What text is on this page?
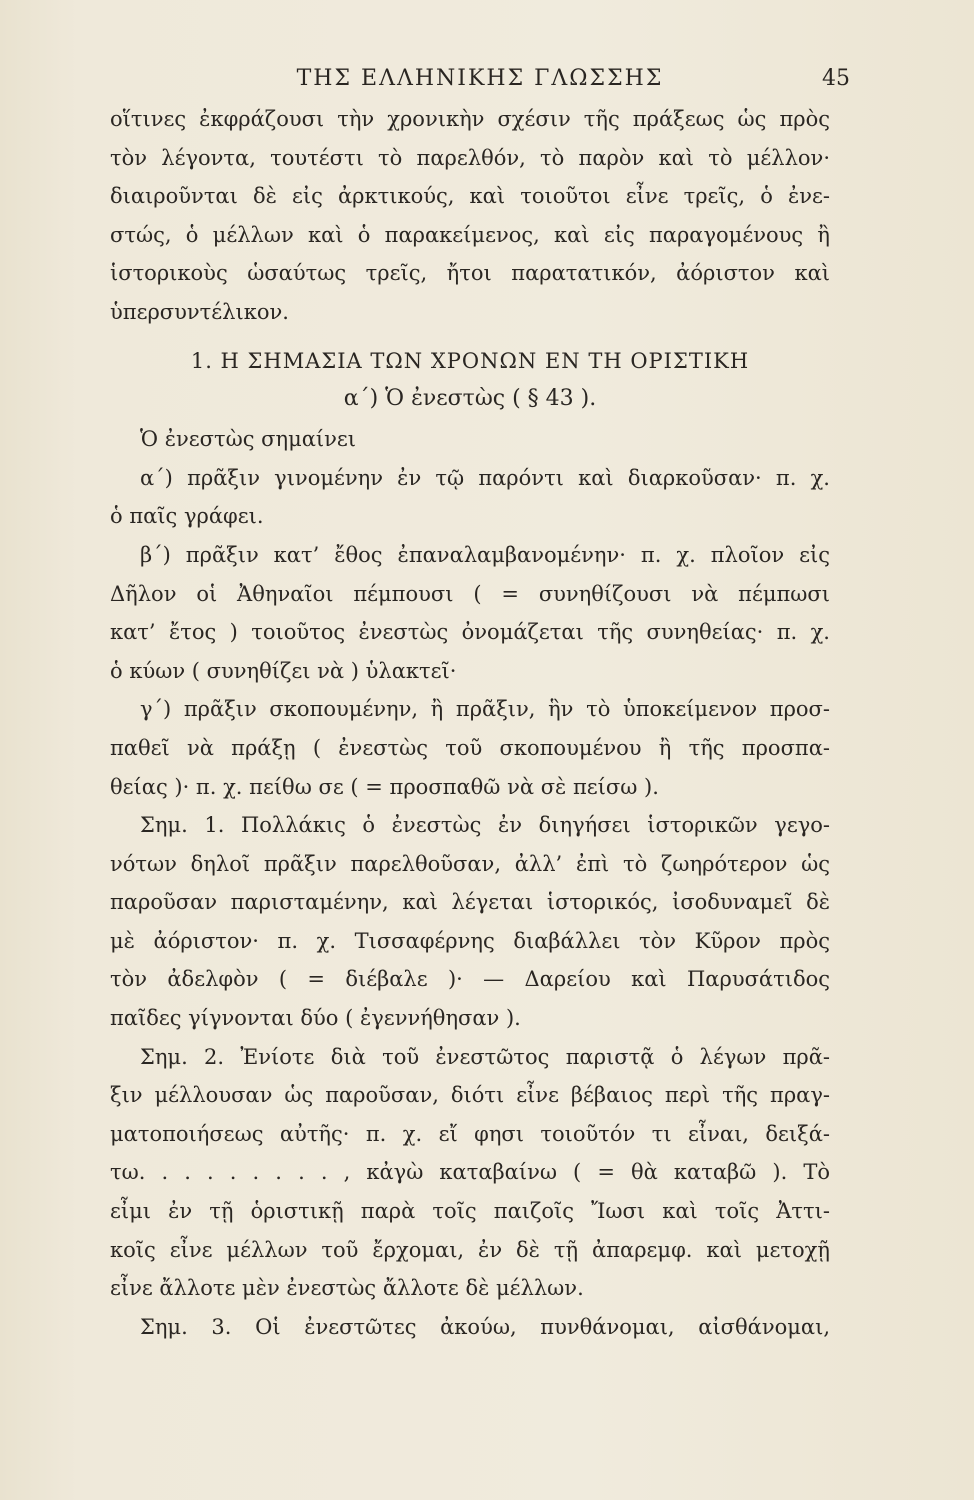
ΤΗΣ ΕΛΛΗΝΙΚΗΣ ΓΛΩΣΣΗΣ	45
οἵτινες ἐκφράζουσι τὴν χρονικὴν σχέσιν τῆς πράξεως ὡς πρὸς
τὸν λέγοντα, τουτέστι τὸ παρελθόν, τὸ παρὸν καὶ τὸ μέλλον·
διαιροῦνται δὲ εἰς ἀρκτικούς, καὶ τοιοῦτοι εἶνε τρεῖς, ὁ ἐνε-
στώς, ὁ μέλλων καὶ ὁ παρακείμενος, καὶ εἰς παραγομένους ἢ
ἱστορικοὺς ὡσαύτως τρεῖς, ἤτοι παρατατικόν, ἀόριστον καὶ
ὑπερσυντέλικον.
1. Η ΣΗΜΑΣΙΑ ΤΩΝ ΧΡΟΝΩΝ ΕΝ ΤΗ ΟΡΙΣΤΙΚΗ
α΄) Ὁ ἐνεστὼς ( § 43 ).
Ὁ ἐνεστὼς σημαίνει
α΄) πρᾶξιν γινομένην ἐν τῷ παρόντι καὶ διαρκοῦσαν· π. χ.
ὁ παῖς γράφει.
β΄) πρᾶξιν κατ’ ἔθος ἐπαναλαμβανομένην· π. χ. πλοῖον εἰς
Δῆλον οἱ Ἀθηναῖοι πέμπουσι ( = συνηθίζουσι νὰ πέμπωσι
κατ’ ἔτος ) τοιοῦτος ἐνεστὼς ὀνομάζεται τῆς συνηθείας· π. χ.
ὁ κύων ( συνηθίζει νὰ ) ὑλακτεῖ·
γ΄) πρᾶξιν σκοπουμένην, ἢ πρᾶξιν, ἣν τὸ ὑποκείμενον προσ-
παθεῖ νὰ πράξῃ ( ἐνεστὼς τοῦ σκοπουμένου ἢ τῆς προσπα-
θείας )· π. χ. πείθω σε ( = προσπαθῶ νὰ σὲ πείσω ).
Σημ. 1. Πολλάκις ὁ ἐνεστὼς ἐν διηγήσει ἱστορικῶν γεγο-
νότων δηλοῖ πρᾶξιν παρελθοῦσαν, ἀλλ’ ἐπὶ τὸ ζωηρότερον ὡς
παροῦσαν παρισταμένην, καὶ λέγεται ἱστορικός, ἰσοδυναμεῖ δὲ
μὲ ἀόριστον· π. χ. Τισσαφέρνης διαβάλλει τὸν Κῦρον πρὸς
τὸν ἀδελφὸν ( = διέβαλε )· — Δαρείου καὶ Παρυσάτιδος
παῖδες γίγνονται δύο ( ἐγεννήθησαν ).
Σημ. 2. Ἐνίοτε διὰ τοῦ ἐνεστῶτος παριστᾷ ὁ λέγων πρᾶ-
ξιν μέλλουσαν ὡς παροῦσαν, διότι εἶνε βέβαιος περὶ τῆς πραγ-
ματοποιήσεως αὐτῆς· π. χ. εἴ φησι τοιοῦτόν τι εἶναι, δειξά-
τω. . . . . . . . . , κἀγὼ καταβαίνω ( = θὰ καταβῶ ). Τὸ
εἶμι ἐν τῇ ὁριστικῇ παρὰ τοῖς παιζοῖς Ἴωσι καὶ τοῖς Ἀττι-
κοῖς εἶνε μέλλων τοῦ ἔρχομαι, ἐν δὲ τῇ ἀπαρεμφ. καὶ μετοχῇ
εἶνε ἄλλοτε μὲν ἐνεστὼς ἄλλοτε δὲ μέλλων.
Σημ. 3. Οἱ ἐνεστῶτες ἀκούω, πυνθάνομαι, αἰσθάνομαι,
